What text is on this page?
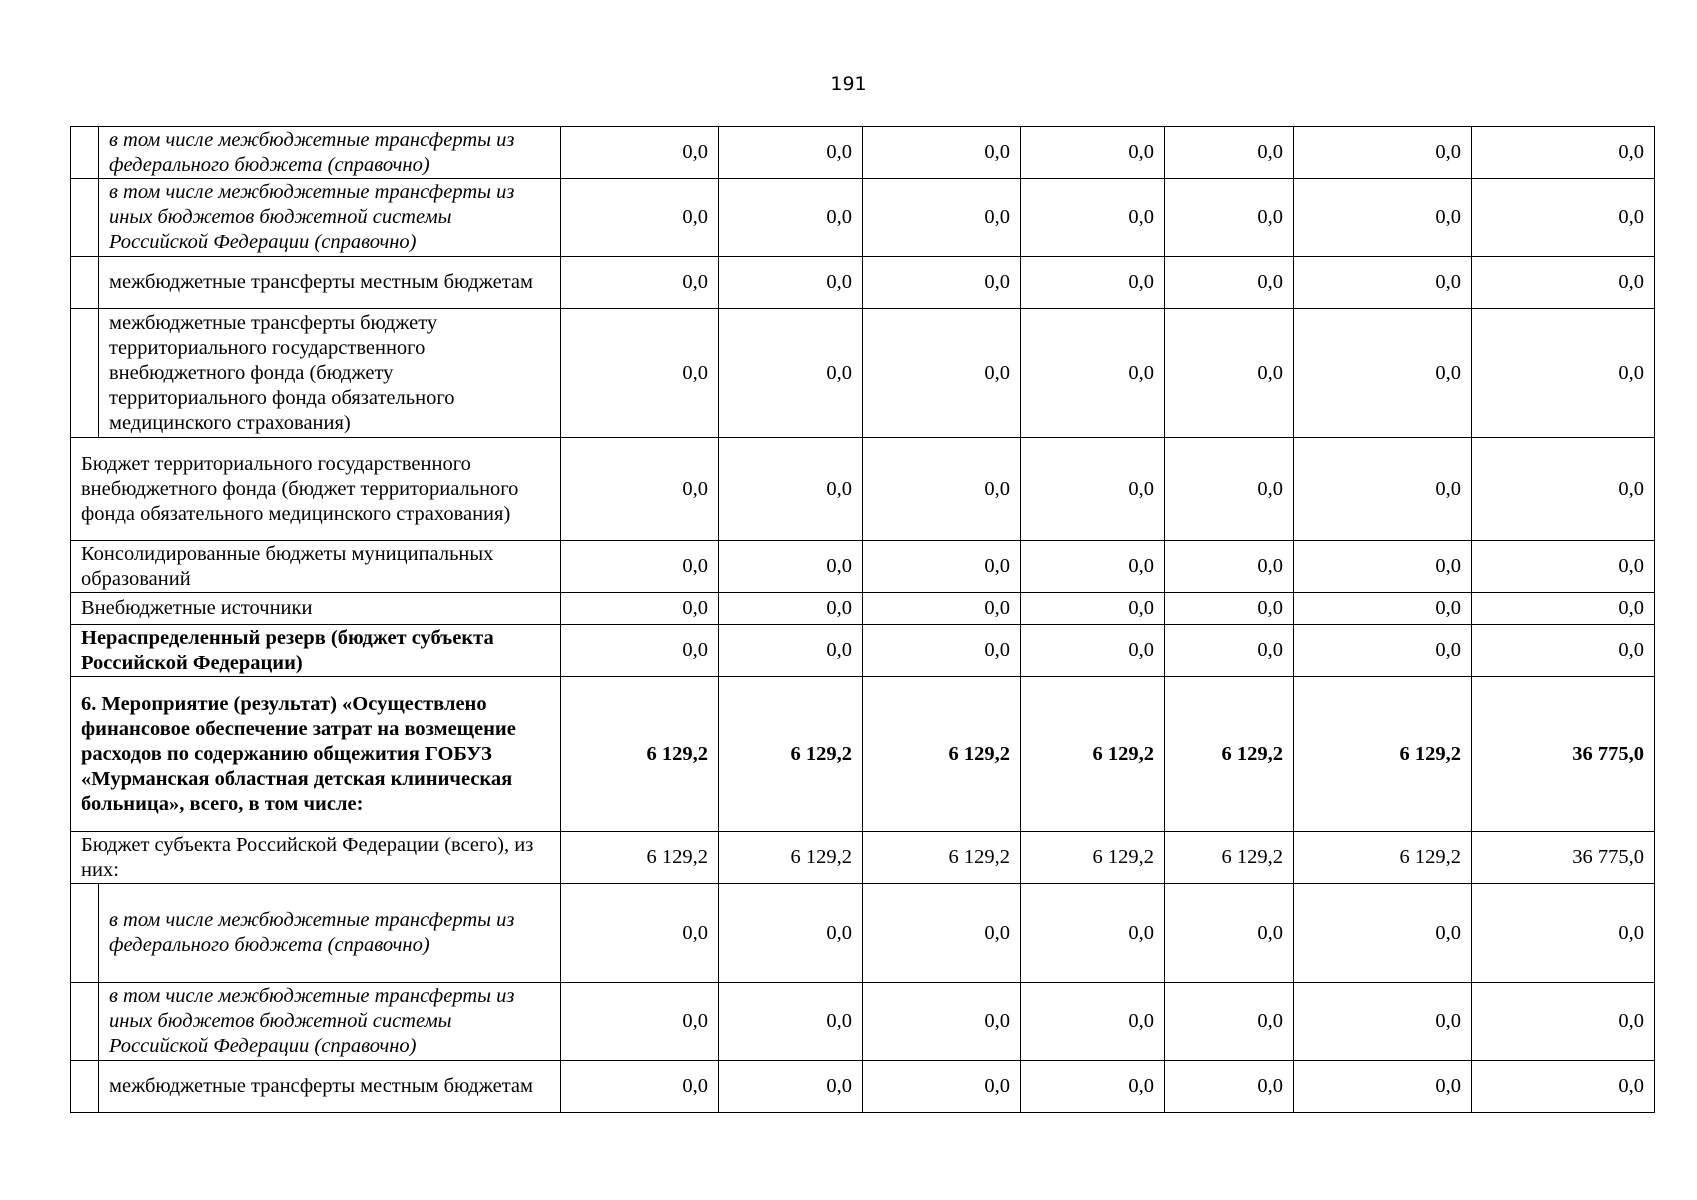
191
	в том числе межбюджетные трансферты из федерального бюджета (справочно)	0,0	0,0	0,0	0,0	0,0	0,0	0,0
	в том числе межбюджетные трансферты из иных бюджетов бюджетной системы Российской Федерации (справочно)	0,0	0,0	0,0	0,0	0,0	0,0	0,0
	межбюджетные трансферты местным бюджетам	0,0	0,0	0,0	0,0	0,0	0,0	0,0
	межбюджетные трансферты бюджету территориального государственного внебюджетного фонда (бюджету территориального фонда обязательного медицинского страхования)	0,0	0,0	0,0	0,0	0,0	0,0	0,0
Бюджет территориального государственного внебюджетного фонда (бюджет территориального фонда обязательного медицинского страхования)		0,0	0,0	0,0	0,0	0,0	0,0	0,0
Консолидированные бюджеты муниципальных образований		0,0	0,0	0,0	0,0	0,0	0,0	0,0
Внебюджетные источники		0,0	0,0	0,0	0,0	0,0	0,0	0,0
Нераспределенный резерв (бюджет субъекта Российской Федерации)		0,0	0,0	0,0	0,0	0,0	0,0	0,0
6. Мероприятие (результат) «Осуществлено финансовое обеспечение затрат на возмещение расходов по содержанию общежития ГОБУЗ «Мурманская областная детская клиническая больница», всего, в том числе:		6 129,2	6 129,2	6 129,2	6 129,2	6 129,2	6 129,2	36 775,0
Бюджет субъекта Российской Федерации (всего), из них:		6 129,2	6 129,2	6 129,2	6 129,2	6 129,2	6 129,2	36 775,0
	в том числе межбюджетные трансферты из федерального бюджета (справочно)	0,0	0,0	0,0	0,0	0,0	0,0	0,0
	в том числе межбюджетные трансферты из иных бюджетов бюджетной системы Российской Федерации (справочно)	0,0	0,0	0,0	0,0	0,0	0,0	0,0
	межбюджетные трансферты местным бюджетам	0,0	0,0	0,0	0,0	0,0	0,0	0,0
